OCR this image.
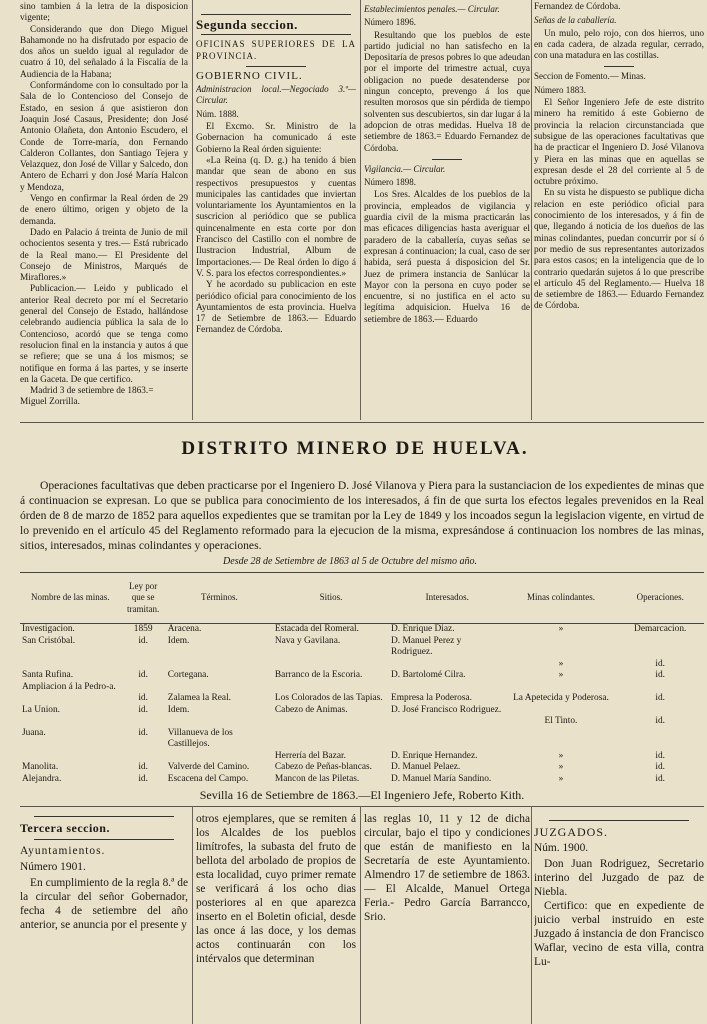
sino tambien á la letra de la disposicion vigente;

Considerando que don Diego Miguel Bahamonde no ha disfrutado por espacio de dos años un sueldo igual al regulador de cuatro á 10, del señalado á la Fiscalía de la Audiencia de la Habana;

Conformándome con lo consultado por la Sala de lo Contencioso del Consejo de Estado, en sesion á que asistieron don Joaquin José Casaus, Presidente; don José Antonio Olañeta, don Antonio Escudero, el Conde de Torre-maría, don Fernando Calderon Collantes, don Santiago Tejera y Velazquez, don José de Villar y Salcedo, don Antero de Echarri y don José María Halcon y Mendoza,

Vengo en confirmar la Real órden de 29 de enero último, origen y objeto de la demanda.

Dado en Palacio á treinta de Junio de mil ochocientos sesenta y tres.— Está rubricado de la Real mano.— El Presidente del Consejo de Ministros, Marqués de Miraflores.»

Publicacion.— Leido y publicado el anterior Real decreto por mí el Secretario general del Consejo de Estado, hallándose celebrando audiencia pública la sala de lo Contencioso, acordó que se tenga como resolucion final en la instancia y autos á que se refiere; que se una á los mismos; se notifique en forma á las partes, y se inserte en la Gaceta. De que certifico.

Madrid 3 de setiembre de 1863.=

Miguel Zorrilla.

Segunda seccion.

OFICINAS SUPERIORES DE LA PROVINCIA.

GOBIERNO CIVIL.

Administracion local.—Negociado 3.º—Circular.

Núm. 1888.

El Excmo. Sr. Ministro de la Gobernacion ha comunicado á este Gobierno la Real órden siguiente:

«La Reina (q. D. g.) ha tenido á bien mandar que sean de abono en sus respectivos presupuestos y cuentas municipales las cantidades que inviertan voluntariamente los Ayuntamientos en la suscricion al periódico que se publica quincenalmente en esta corte por don Francisco del Castillo con el nombre de Ilustracion Industrial, Album de Importaciones.— De Real órden lo digo á V. S. para los efectos correspondientes.»

Y he acordado su publicacion en este periódico oficial para conocimiento de los Ayuntamientos de esta provincia. Huelva 17 de Setiembre de 1863.— Eduardo Fernandez de Córdoba.

Establecimientos penales.— Circular.

Número 1896.

Resultando que los pueblos de este partido judicial no han satisfecho en la Depositaría de presos pobres lo que adeudan por el importe del trimestre actual, cuya obligacion no puede desatenderse por ningun concepto, prevengo á los que resulten morosos que sin pérdida de tiempo solventen sus descubiertos, sin dar lugar á la adopcion de otras medidas. Huelva 18 de setiembre de 1863.= Eduardo Fernandez de Córdoba.

Vigilancia.— Circular.

Número 1898.

Los Sres. Alcaldes de los pueblos de la provincia, empleados de vigilancia y guardia civil de la misma practicarán las mas eficaces diligencias hasta averiguar el paradero de la caballería, cuyas señas se expresan á continuacion; la cual, caso de ser habida, será puesta á disposicion del Sr. Juez de primera instancia de Sanlúcar la Mayor con la persona en cuyo poder se encuentre, si no justifica en el acto su legítima adquisicion. Huelva 16 de setiembre de 1863.— Eduardo

Fernandez de Córdoba.

Señas de la caballería.

Un mulo, pelo rojo, con dos hierros, uno en cada cadera, de alzada regular, cerrado, con una matadura en las costillas.

Seccion de Fomento.— Minas.

Número 1883.

El Señor Ingeniero Jefe de este distrito minero ha remitido á este Gobierno de provincia la relacion circunstanciada que subsigue de las operaciones facultativas que ha de practicar el Ingeniero D. José Vilanova y Piera en las minas que en aquellas se expresan desde el 28 del corriente al 5 de octubre próximo.

En su vista he dispuesto se publique dicha relacion en este periódico oficial para conocimiento de los interesados, y á fin de que, llegando á noticia de los dueños de las minas colindantes, puedan concurrir por sí ó por medio de sus representantes autorizados para estos casos; en la inteligencia que de lo contrario quedarán sujetos á lo que prescribe el artículo 45 del Reglamento.— Huelva 18 de setiembre de 1863.— Eduardo Fernandez de Córdoba.

DISTRITO MINERO DE HUELVA.
Operaciones facultativas que deben practicarse por el Ingeniero D. José Vilanova y Piera para la sustanciacion de los expedientes de minas que á continuacion se expresan. Lo que se publica para conocimiento de los interesados, á fin de que surta los efectos legales prevenidos en la Real órden de 8 de marzo de 1852 para aquellos expedientes que se tramitan por la Ley de 1849 y los incoados segun la legislacion vigente, en virtud de lo prevenido en el artículo 45 del Reglamento reformado para la ejecucion de la misma, expresándose á continuacion los nombres de las minas, sitios, interesados, minas colindantes y operaciones.
Desde 28 de Setiembre de 1863 al 5 de Octubre del mismo año.
Nombre de las minas.	Ley por que se tramitan.	Términos.	Sitios.	Interesados.	Minas colindantes.	Operaciones.
Investigacion.	1859	Aracena.	Estacada del Romeral.	D. Enrique Diaz.	»	Demarcacion.
San Cristóbal.	id.	Idem.	Nava y Gavilana.	D. Manuel Perez y Rodriguez.		
					»	id.
Santa Rufina.	id.	Cortegana.	Barranco de la Escoria.	D. Bartolomé Cilra.	»	id.
Ampliacion á la Pedro-a.						
	id.	Zalamea la Real.	Los Colorados de las Tapias.	Empresa la Poderosa.	La Apetecida y Poderosa.	id.
La Union.	id.	Idem.	Cabezo de Animas.	D. José Francisco Rodriguez.		
					El Tinto.	id.
Juana.	id.	Villanueva de los Castillejos.				
			Herrería del Bazar.	D. Enrique Hernandez.	»	id.
Manolita.	id.	Valverde del Camino.	Cabezo de Peñas-blancas.	D. Manuel Pelaez.	»	id.
Alejandra.	id.	Escacena del Campo.	Mancon de las Piletas.	D. Manuel María Sandino.	»	id.
Sevilla 16 de Setiembre de 1863.—El Ingeniero Jefe, Roberto Kith.

Tercera seccion.

Ayuntamientos.

Número 1901.

En cumplimiento de la regla 8.ª de la circular del señor Gobernador, fecha 4 de setiembre del año anterior, se anuncia por el presente y

otros ejemplares, que se remiten á los Alcaldes de los pueblos limítrofes, la subasta del fruto de bellota del arbolado de propios de esta localidad, cuyo primer remate se verificará á los ocho dias posteriores al en que aparezca inserto en el Boletin oficial, desde las once á las doce, y los demas actos continuarán con los intérvalos que determinan

las reglas 10, 11 y 12 de dicha circular, bajo el tipo y condiciones que están de manifiesto en la Secretaría de este Ayuntamiento. Almendro 17 de setiembre de 1863.— El Alcalde, Manuel Ortega Feria.- Pedro García Barrancco, Srio.

JUZGADOS.

Núm. 1900.

Don Juan Rodriguez, Secretario interino del Juzgado de paz de Niebla.

Certifico: que en expediente de juicio verbal instruido en este Juzgado á instancia de don Francisco Waflar, vecino de esta villa, contra Lu-
